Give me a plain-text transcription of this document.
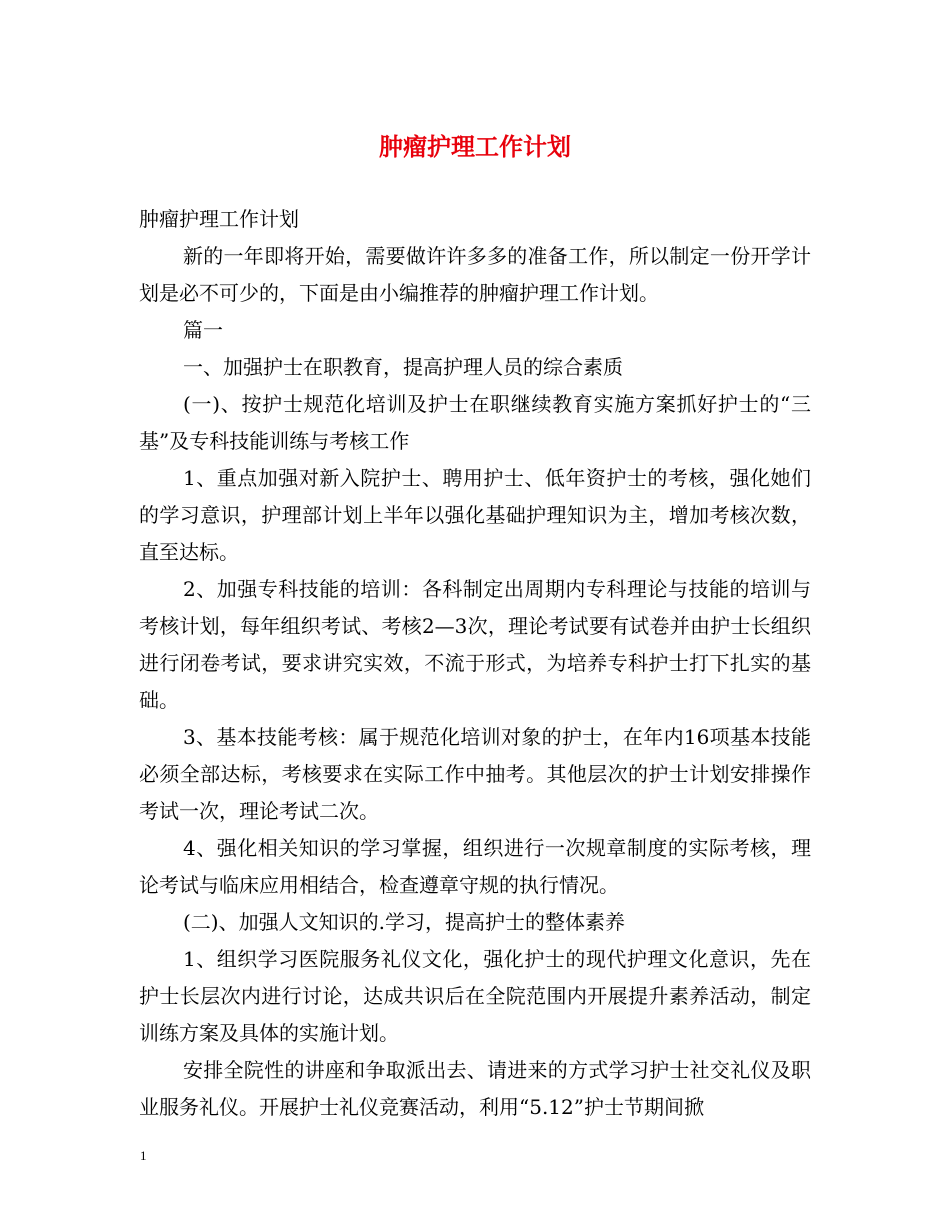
肿瘤护理工作计划

肿瘤护理工作计划

新的一年即将开始，需要做许许多多的准备工作，所以制定一份开学计划是必不可少的，下面是由小编推荐的肿瘤护理工作计划。

篇一

一、加强护士在职教育，提高护理人员的综合素质

(一)、按护士规范化培训及护士在职继续教育实施方案抓好护士的“三基”及专科技能训练与考核工作

1、重点加强对新入院护士、聘用护士、低年资护士的考核，强化她们的学习意识，护理部计划上半年以强化基础护理知识为主，增加考核次数，直至达标。

2、加强专科技能的培训：各科制定出周期内专科理论与技能的培训与考核计划，每年组织考试、考核2—3次，理论考试要有试卷并由护士长组织进行闭卷考试，要求讲究实效，不流于形式，为培养专科护士打下扎实的基础。

3、基本技能考核：属于规范化培训对象的护士，在年内16项基本技能必须全部达标，考核要求在实际工作中抽考。其他层次的护士计划安排操作考试一次，理论考试二次。

4、强化相关知识的学习掌握，组织进行一次规章制度的实际考核，理论考试与临床应用相结合，检查遵章守规的执行情况。

(二)、加强人文知识的.学习，提高护士的整体素养

1、组织学习医院服务礼仪文化，强化护士的现代护理文化意识，先在护士长层次内进行讨论，达成共识后在全院范围内开展提升素养活动，制定训练方案及具体的实施计划。

安排全院性的讲座和争取派出去、请进来的方式学习护士社交礼仪及职业服务礼仪。开展护士礼仪竞赛活动，利用“5.12”护士节期间掀

1
